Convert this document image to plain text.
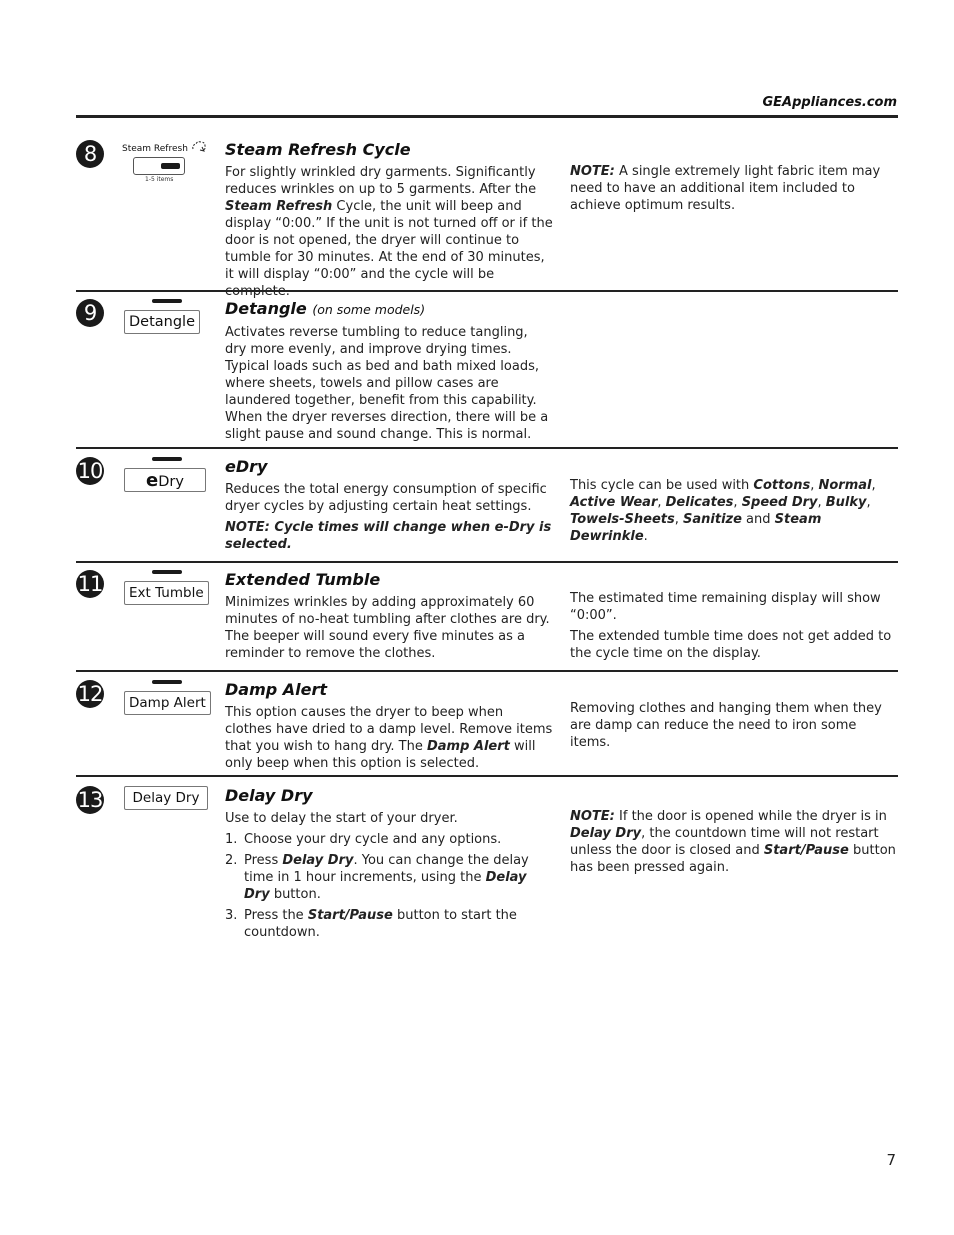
GEAppliances.com
8	Steam Refresh
1-5 items
Steam Refresh Cycle

For slightly wrinkled dry garments. Significantly reduces wrinkles on up to 5 garments. After the Steam Refresh Cycle, the unit will beep and display “0:00.” If the unit is not turned off or if the door is not opened, the dryer will continue to tumble for 30 minutes. At the end of 30 minutes, it will display “0:00” and the cycle will be

NOTE: A single extremely light fabric item may need to have an additional item included to achieve optimum results.

9	Detangle
Detangle (on some models)

Activates reverse tumbling to reduce tangling, dry more evenly, and improve drying times. Typical loads such as bed and bath mixed loads, where sheets, towels and pillow cases are laundered together, benefit from this capability. When the dryer reverses direction, there will be a slight pause and sound change. This is normal.

10	eDry
eDry

Reduces the total energy consumption of specific dryer cycles by adjusting certain heat settings.

NOTE: Cycle times will change when e-Dry is selected.

This cycle can be used with Cottons, Normal, Active Wear, Delicates, Speed Dry, Bulky, Towels-Sheets, Sanitize and Steam Dewrinkle.

11	Ext Tumble
Extended Tumble

Minimizes wrinkles by adding approximately 60 minutes of no-heat tumbling after clothes are dry. The beeper will sound every five minutes as a reminder to remove the clothes.

The estimated time remaining display will show “0:00”.

The extended tumble time does not get added to the cycle time on the display.

12	Damp Alert
Damp Alert

This option causes the dryer to beep when clothes have dried to a damp level. Remove items that you wish to hang dry. The Damp Alert will only beep when this option is selected.

Removing clothes and hanging them when they are damp can reduce the need to iron some items.

13	Delay Dry	Delay Dry

Use to delay the start of your dryer.

1. Choose your dry cycle and any options.
2. Press Delay Dry. You can change the delay time in 1 hour increments, using the Delay Dry button.
3. Press the Start/Pause button to start the countdown.

NOTE: If the door is opened while the dryer is in Delay Dry, the countdown time will not restart unless the door is closed and Start/Pause button has been pressed again.

7
